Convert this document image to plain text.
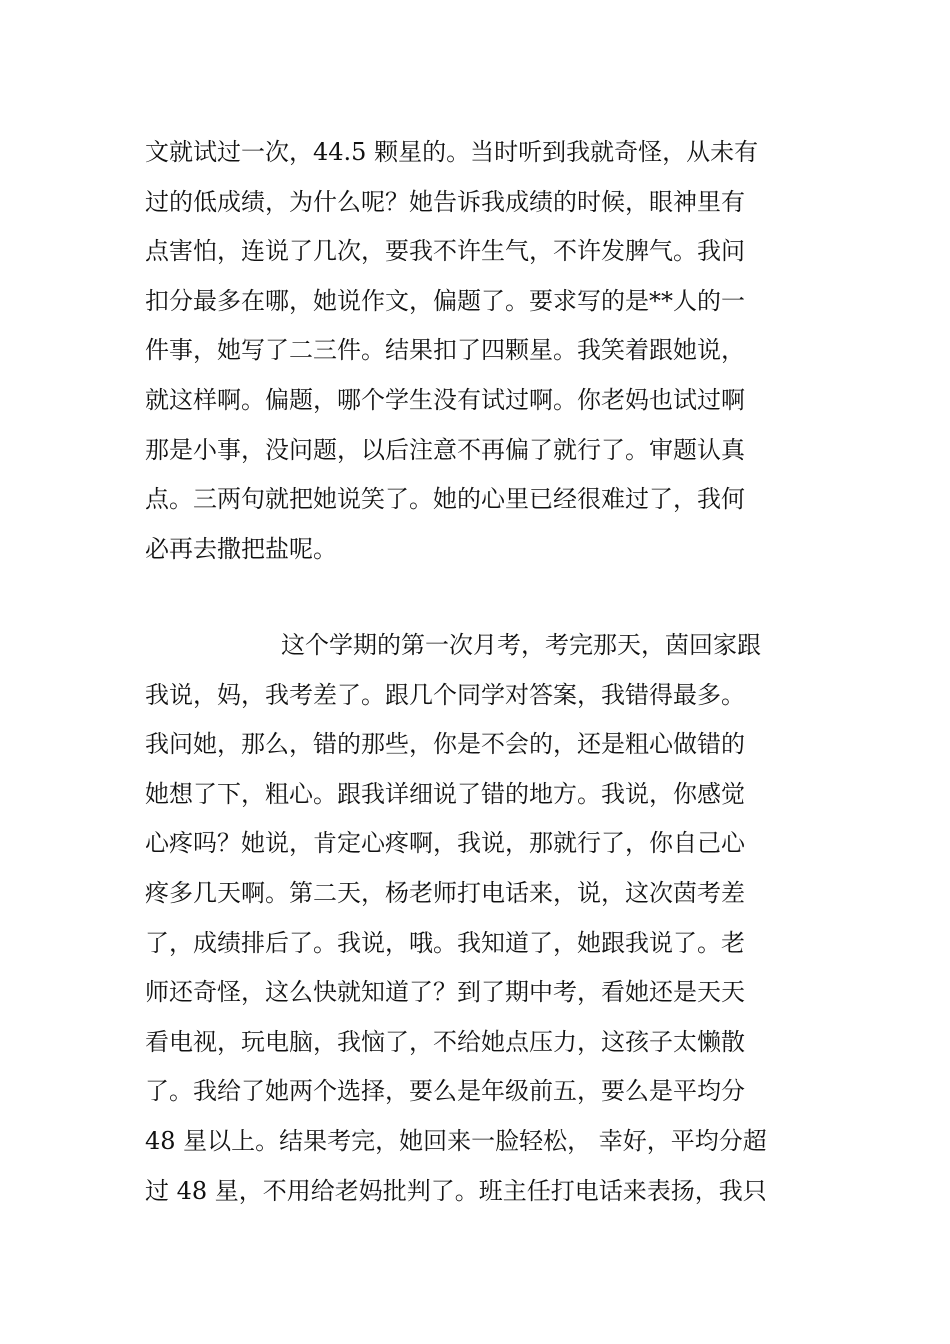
文就试过一次，44.5 颗星的。当时听到我就奇怪，从未有
过的低成绩，为什么呢？她告诉我成绩的时候，眼神里有
点害怕，连说了几次，要我不许生气，不许发脾气。我问
扣分最多在哪，她说作文，偏题了。要求写的是**人的一
件事，她写了二三件。结果扣了四颗星。我笑着跟她说，
就这样啊。偏题，哪个学生没有试过啊。你老妈也试过啊
那是小事，没问题，以后注意不再偏了就行了。审题认真
点。三两句就把她说笑了。她的心里已经很难过了，我何
必再去撒把盐呢。
这个学期的第一次月考，考完那天，茵回家跟
我说，妈，我考差了。跟几个同学对答案，我错得最多。
我问她，那么，错的那些，你是不会的，还是粗心做错的
她想了下，粗心。跟我详细说了错的地方。我说，你感觉
心疼吗？她说，肯定心疼啊，我说，那就行了，你自己心
疼多几天啊。第二天，杨老师打电话来，说，这次茵考差
了，成绩排后了。我说，哦。我知道了，她跟我说了。老
师还奇怪，这么快就知道了？到了期中考，看她还是天天
看电视，玩电脑，我恼了，不给她点压力，这孩子太懒散
了。我给了她两个选择，要么是年级前五，要么是平均分
48 星以上。结果考完，她回来一脸轻松， 幸好，平均分超
过 48 星，不用给老妈批判了。班主任打电话来表扬，我只
